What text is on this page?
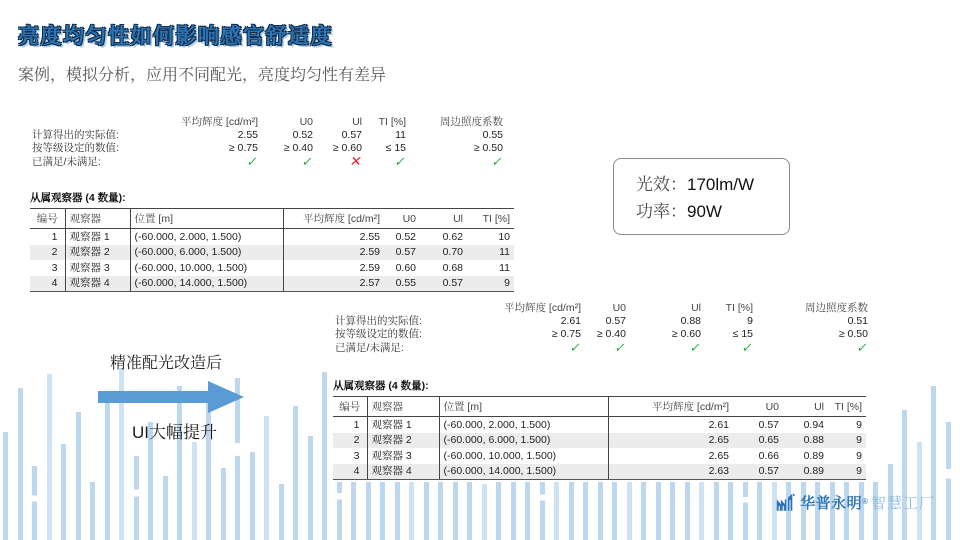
亮度均匀性如何影响感官舒适度

案例，模拟分析，应用不同配光，亮度均匀性有差异

	平均辉度 [cd/m²]	U0	Ul	TI [%]	周边照度系数
计算得出的实际值:	2.55	0.52	0.57	11	0.55
按等级设定的数值:	≥ 0.75	≥ 0.40	≥ 0.60	≤ 15	≥ 0.50
已满足/未满足:	✓	✓	✕	✓	✓
从属观察器 (4 数量):
编号	观察器	位置 [m]	平均辉度 [cd/m²]	U0	Ul	TI [%]
1	观察器 1	(-60.000, 2.000, 1.500)	2.55	0.52	0.62	10
2	观察器 2	(-60.000, 6.000, 1.500)	2.59	0.57	0.70	11
3	观察器 3	(-60.000, 10.000, 1.500)	2.59	0.60	0.68	11
4	观察器 4	(-60.000, 14.000, 1.500)	2.57	0.55	0.57	9
	平均辉度 [cd/m²]	U0	Ul	TI [%]	周边照度系数
计算得出的实际值:	2.61	0.57	0.88	9	0.51
按等级设定的数值:	≥ 0.75	≥ 0.40	≥ 0.60	≤ 15	≥ 0.50
已满足/未满足:	✓	✓	✓	✓	✓
从属观察器 (4 数量):
编号	观察器	位置 [m]	平均辉度 [cd/m²]	U0	Ul	TI [%]
1	观察器 1	(-60.000, 2.000, 1.500)	2.61	0.57	0.94	9
2	观察器 2	(-60.000, 6.000, 1.500)	2.65	0.65	0.88	9
3	观察器 3	(-60.000, 10.000, 1.500)	2.65	0.66	0.89	9
4	观察器 4	(-60.000, 14.000, 1.500)	2.63	0.57	0.89	9
光效：170lm/W
功率：90W
精准配光改造后
UI大幅提升
华普永明 ® 智慧工厂
